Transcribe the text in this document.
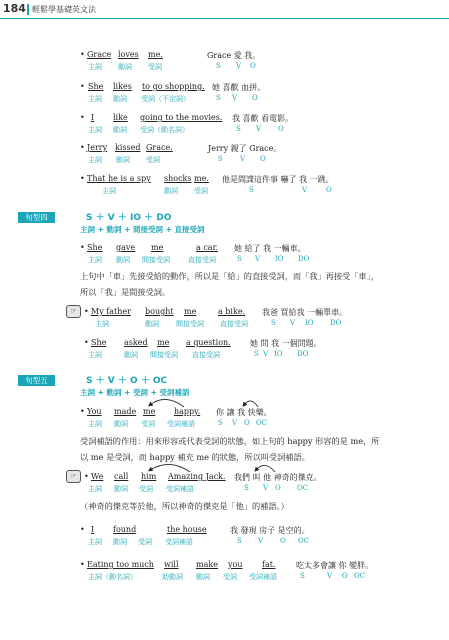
184 輕鬆學基礎英文法
• Grace loves me.	Grace 愛 我。
主詞 動詞 受詞	S V O
• She likes to go shopping. 她 喜歡 血拼。
主詞 動詞 受詞（不定詞）	S V O
• I like going to the movies. 我 喜歡 看電影。
主詞 動詞 受詞（動名詞）	S V O
• Jerry kissed Grace.	Jerry 親了 Grace。
主詞 動詞 受詞	S V O
• That he is a spy shocks me. 他是間諜這件事 嚇了 我 一跳。
主詞	動詞 受詞	S	V	O
句型四	S ＋ V ＋ IO ＋ DO
主詞 + 動詞 + 間接受詞 + 直接受詞
• She gave me	a car. 她 給了 我 一輛車。
主詞 動詞 間接受詞	直接受詞	S V IO DO
上句中「車」先接受給的動作，所以是「給」的直接受詞，而「我」再接受「車」，
所以「我」是間接受詞。
☞ • My father bought me	a bike. 我爸 買給我 一輛單車。
主詞	動詞 間接受詞 直接受詞	S V IO DO
• She asked me a question. 她 問 我 一個問題。
主詞	動詞 間接受詞 直接受詞	S V IO DO
句型五	S ＋ V ＋ O ＋ OC
主詞 + 動詞 + 受詞 + 受詞補語
• You made me happy. 你 讓 我 快樂。
主詞 動詞 受詞 受詞補語	S V O OC
受詞補語的作用：用來形容或代表受詞的狀態，如上句的 happy 形容的是 me，所
以 me 是受詞，而 happy 補充 me 的狀態，所以叫受詞補語。
☞ • We call him Amazing Jack. 我們 叫 他 神奇的傑克。
主詞 動詞 受詞 受詞補語	S V O OC
（神奇的傑克等於他，所以神奇的傑克是「他」的補語。）
• I found	the house	我 發現 房子 是空的。
主詞 動詞 受詞 受詞補語	S V O OC
• Eating too much will make you fat.	吃太多會讓 你 變胖。
主詞（動名詞）	助動詞 動詞 受詞 受詞補語	S	V O OC
